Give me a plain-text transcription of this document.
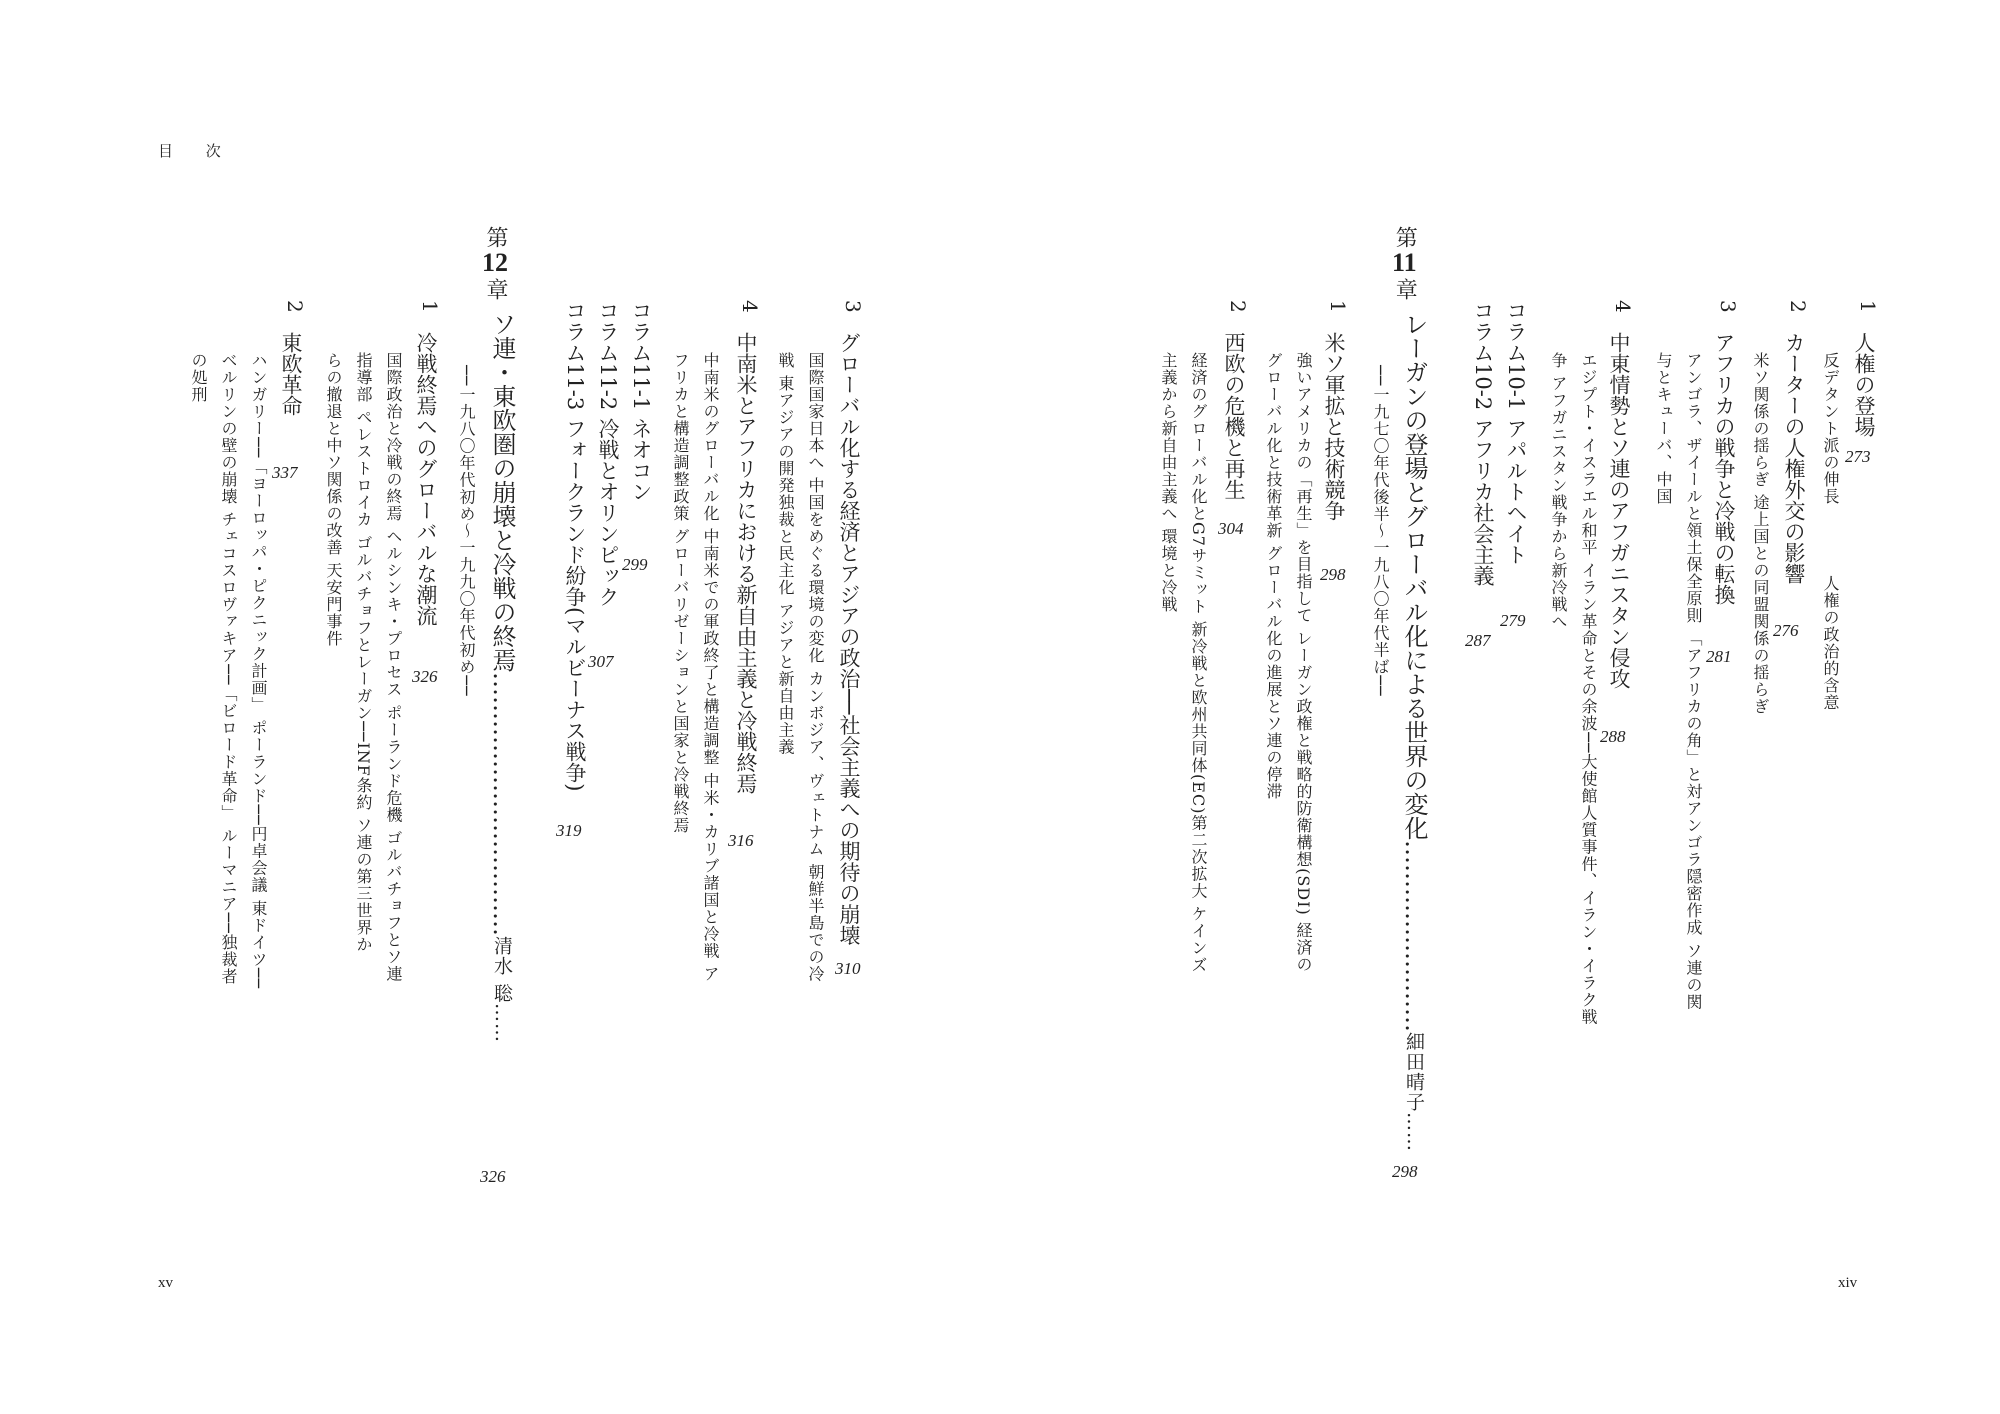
目 次
xv	xiv
1
人権の登場
反デタント派の伸長 273
人権の政治的含意
2
カーターの人権外交の影響
米ソ関係の揺らぎ 途上国との同盟関係の揺らぎ 276
3
アフリカの戦争と冷戦の転換
281
アンゴラ、ザイールと領土保全原則 「アフリカの角」と対アンゴラ隠密作成 ソ連の関
与とキューバ、中国
4
中東情勢とソ連のアフガニスタン侵攻
288
エジプト・イスラエル和平 イラン革命とその余波──大使館人質事件、イラン・イラク戦
争 アフガニスタン戦争から新冷戦へ
コラム10-1
アパルトヘイト
279
コラム10-2
アフリカ社会主義
287
第11章
レーガンの登場とグローバル化による世界の変化……………………細田晴子……
298
──一九七〇年代後半〜一九八〇年代半ば──
1
米ソ軍拡と技術競争
298
強いアメリカの「再生」を目指して レーガン政権と戦略的防衛構想(SDI) 経済の
グローバル化と技術革新 グローバル化の進展とソ連の停滞
2
西欧の危機と再生
304
経済のグローバル化とG7サミット 新冷戦と欧州共同体(EC)第二次拡大 ケインズ
主義から新自由主義へ 環境と冷戦
3
グローバル化する経済とアジアの政治──社会主義への期待の崩壊
310
国際国家日本へ 中国をめぐる環境の変化 カンボジア、ヴェトナム 朝鮮半島での冷
戦 東アジアの開発独裁と民主化 アジアと新自由主義
4
中南米とアフリカにおける新自由主義と冷戦終焉
316
中南米のグローバル化 中南米での軍政終了と構造調整 中米・カリブ諸国と冷戦 ア
フリカと構造調整政策 グローバリゼーションと国家と冷戦終焉
コラム11-1
ネオコン
299
コラム11-2
冷戦とオリンピック
307
コラム11-3
フォークランド紛争(マルビーナス戦争)
319
第12章
ソ連・東欧圏の崩壊と冷戦の終焉……………………………清水 聡……
326
──一九八〇年代初め〜一九九〇年代初め──
1
冷戦終焉へのグローバルな潮流
326
国際政治と冷戦の終焉 ヘルシンキ・プロセス ポーランド危機 ゴルバチョフとソ連
指導部 ペレストロイカ ゴルバチョフとレーガン──INF条約 ソ連の第三世界か
らの撤退と中ソ関係の改善 天安門事件
2
東欧革命
337
ハンガリー──「ヨーロッパ・ピクニック計画」 ポーランド──円卓会議 東ドイツ──
ベルリンの壁の崩壊 チェコスロヴァキア──「ビロード革命」 ルーマニア──独裁者
の処刑
